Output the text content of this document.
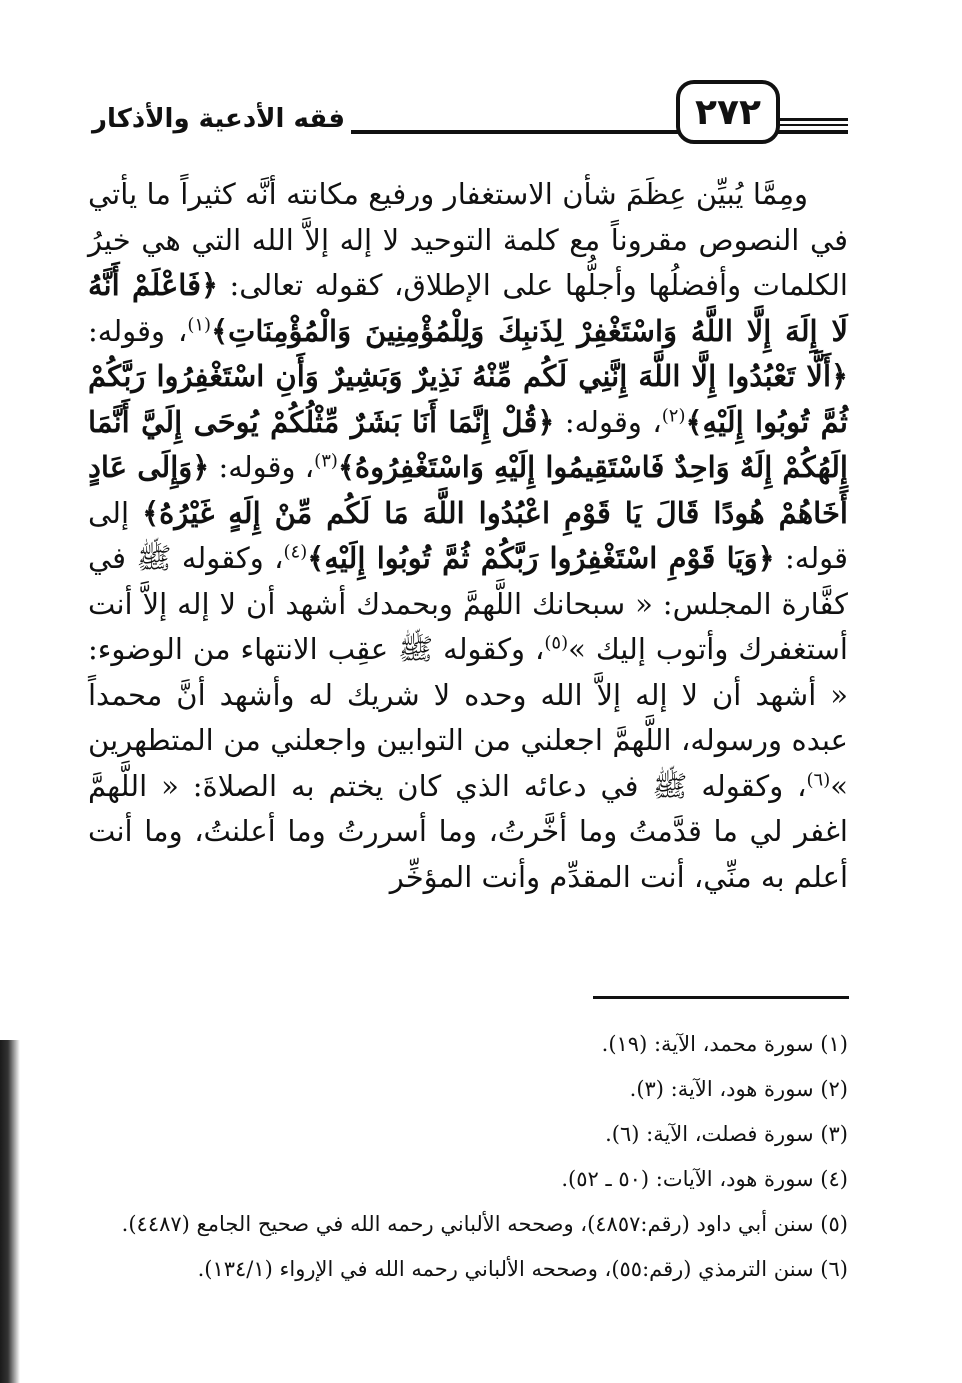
فقه الأدعية والأذكار	٢٧٢

ومِمَّا يُبيِّن عِظَمَ شأن الاستغفار ورفيع مكانته أنَّه كثيراً ما يأتي في النصوص مقروناً مع كلمة التوحيد لا إله إلاَّ الله التي هي خيرُ الكلمات وأفضلُها وأجلُّها على الإطلاق، كقوله تعالى: ﴿فَاعْلَمْ أَنَّهُ لَا إِلَهَ إِلَّا اللَّهُ وَاسْتَغْفِرْ لِذَنبِكَ وَلِلْمُؤْمِنِينَ وَالْمُؤْمِنَاتِ﴾$^{(١)}$، وقوله: ﴿أَلَّا تَعْبُدُوا إِلَّا اللَّهَ إِنَّنِي لَكُم مِّنْهُ نَذِيرٌ وَبَشِيرٌ وَأَنِ اسْتَغْفِرُوا رَبَّكُمْ ثُمَّ تُوبُوا إِلَيْهِ﴾$^{(٢)}$، وقوله: ﴿قُلْ إِنَّمَا أَنَا بَشَرٌ مِّثْلُكُمْ يُوحَى إِلَيَّ أَنَّمَا إِلَهُكُمْ إِلَهٌ وَاحِدٌ فَاسْتَقِيمُوا إِلَيْهِ وَاسْتَغْفِرُوهُ﴾$^{(٣)}$، وقوله: ﴿وَإِلَى عَادٍ أَخَاهُمْ هُودًا قَالَ يَا قَوْمِ اعْبُدُوا اللَّهَ مَا لَكُم مِّنْ إِلَهٍ غَيْرُهُ﴾ إلى قوله: ﴿وَيَا قَوْمِ اسْتَغْفِرُوا رَبَّكُمْ ثُمَّ تُوبُوا إِلَيْهِ﴾$^{(٤)}$، وكقوله ﷺ في كفَّارة المجلس: « سبحانك اللَّهمَّ وبحمدك أشهد أن لا إله إلاَّ أنت أستغفرك وأتوب إليك »$^{(٥)}$، وكقوله ﷺ عقِب الانتهاء من الوضوء: « أشهد أن لا إله إلاَّ الله وحده لا شريك له وأشهد أنَّ محمداً عبده ورسوله، اللَّهمَّ اجعلني من التوابين واجعلني من المتطهرين »$^{(٦)}$، وكقوله ﷺ في دعائه الذي كان يختم به الصلاةَ: « اللَّهمَّ اغفر لي ما قدَّمتُ وما أخَّرتُ، وما أسررتُ وما أعلنتُ، وما أنت أعلم به منِّي، أنت المقدِّم وأنت المؤخِّر

(١) سورة محمد، الآية: (١٩).
(٢) سورة هود، الآية: (٣).
(٣) سورة فصلت، الآية: (٦).
(٤) سورة هود، الآيات: (٥٠ ـ ٥٢).
(٥) سنن أبي داود (رقم:٤٨٥٧)، وصححه الألباني رحمه الله في صحيح الجامع (٤٤٨٧).
(٦) سنن الترمذي (رقم:٥٥)، وصححه الألباني رحمه الله في الإرواء (١٣٤/١).
